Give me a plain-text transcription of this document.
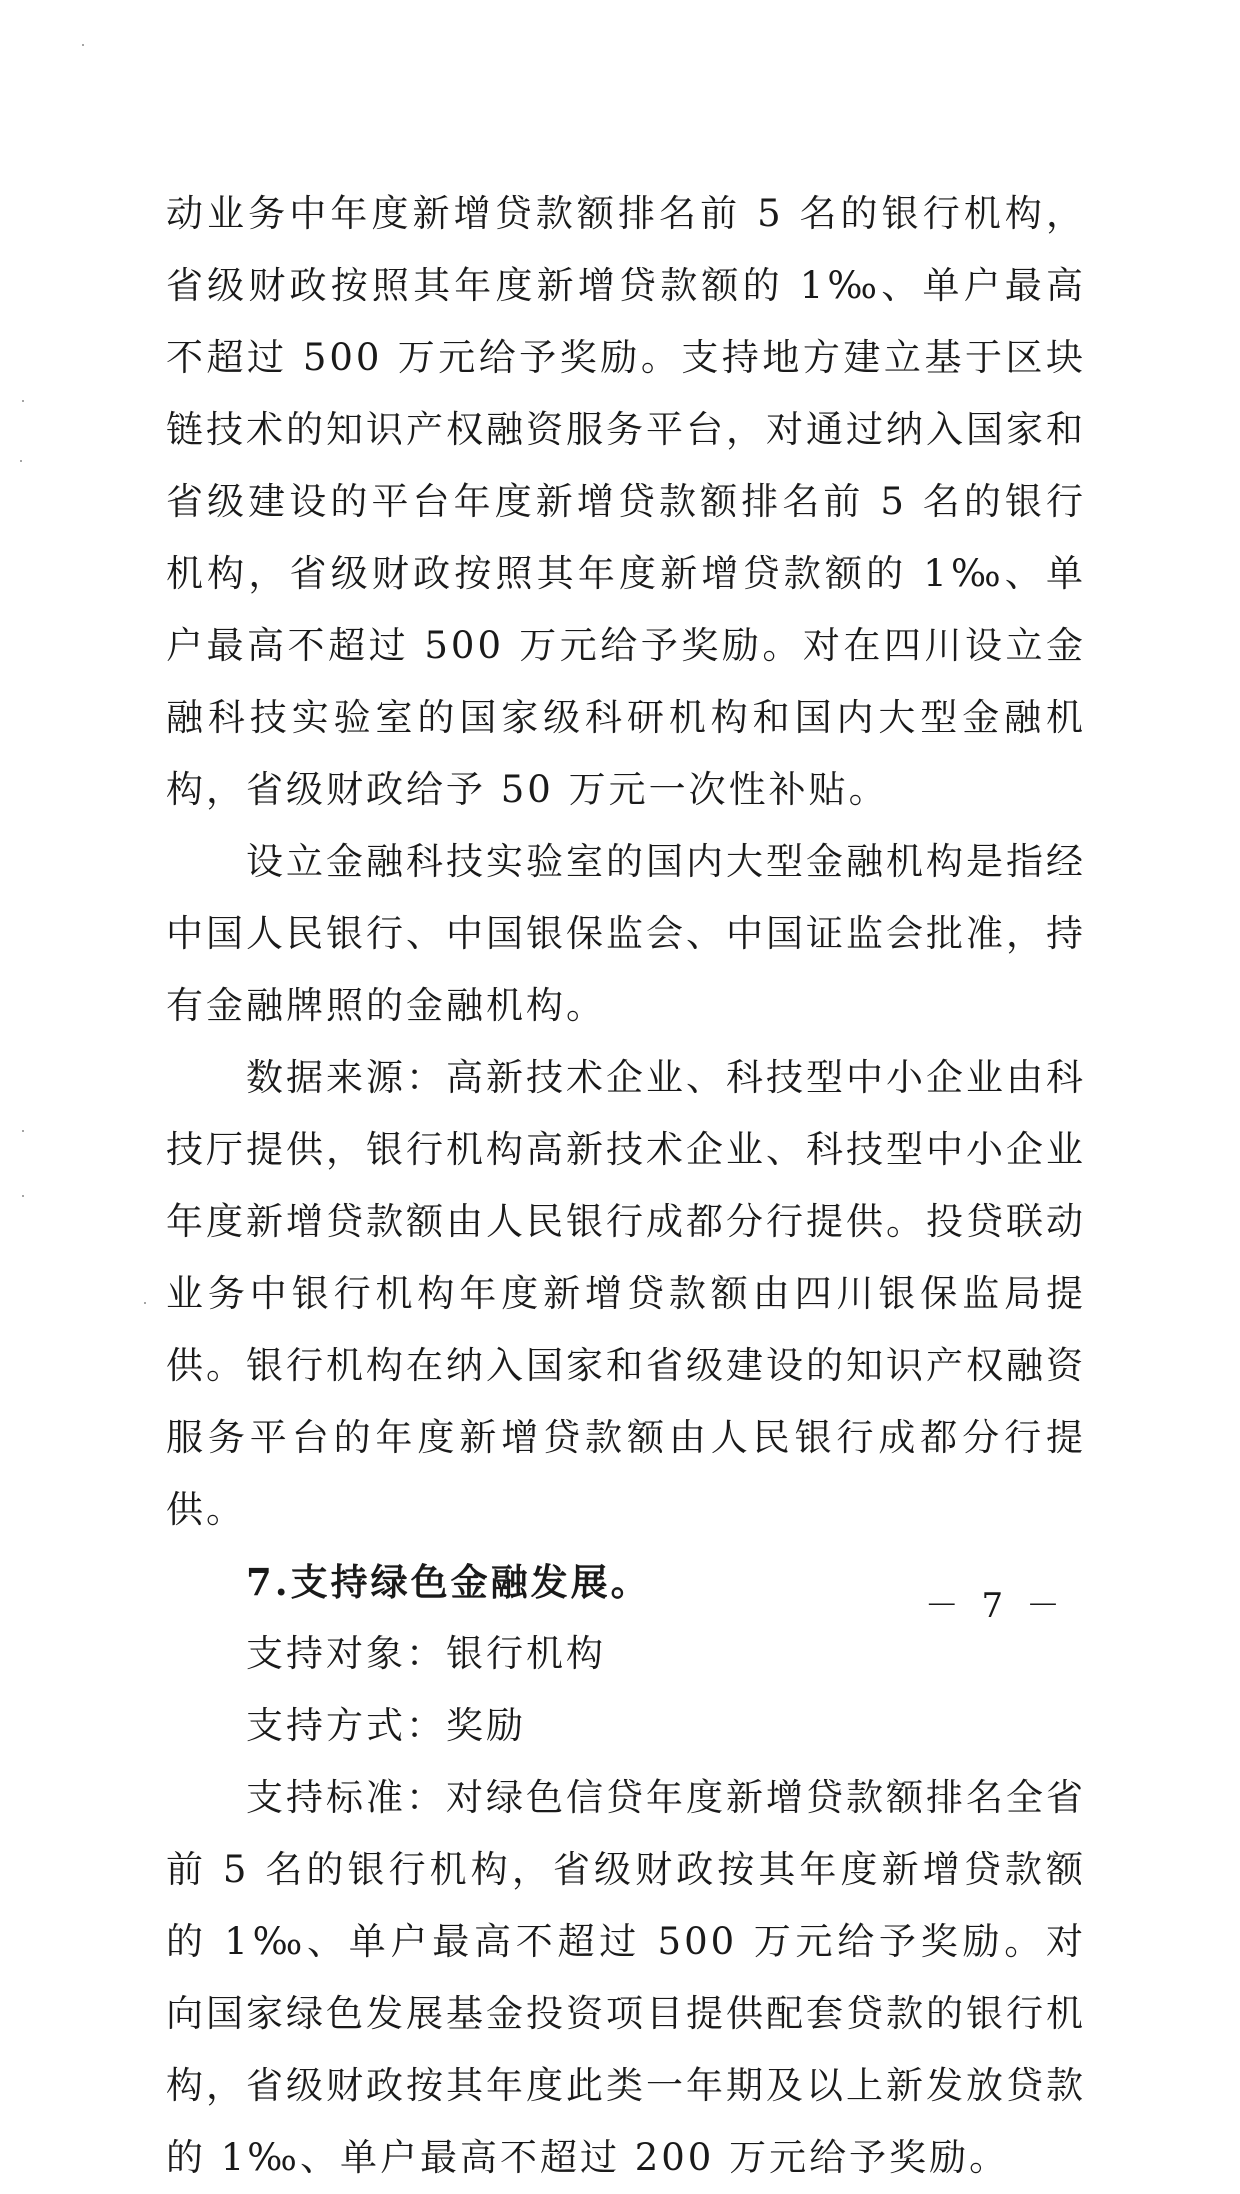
动业务中年度新增贷款额排名前 5 名的银行机构，省级财政按照其年度新增贷款额的 1‰、单户最高不超过 500 万元给予奖励。支持地方建立基于区块链技术的知识产权融资服务平台，对通过纳入国家和省级建设的平台年度新增贷款额排名前 5 名的银行机构，省级财政按照其年度新增贷款额的 1‰、单户最高不超过 500 万元给予奖励。对在四川设立金融科技实验室的国家级科研机构和国内大型金融机构，省级财政给予 50 万元一次性补贴。

设立金融科技实验室的国内大型金融机构是指经中国人民银行、中国银保监会、中国证监会批准，持有金融牌照的金融机构。

数据来源：高新技术企业、科技型中小企业由科技厅提供，银行机构高新技术企业、科技型中小企业年度新增贷款额由人民银行成都分行提供。投贷联动业务中银行机构年度新增贷款额由四川银保监局提供。银行机构在纳入国家和省级建设的知识产权融资服务平台的年度新增贷款额由人民银行成都分行提供。

7.支持绿色金融发展。

支持对象：银行机构

支持方式：奖励

支持标准：对绿色信贷年度新增贷款额排名全省前 5 名的银行机构，省级财政按其年度新增贷款额的 1‰、单户最高不超过 500 万元给予奖励。对向国家绿色发展基金投资项目提供配套贷款的银行机构，省级财政按其年度此类一年期及以上新发放贷款的 1‰、单户最高不超过 200 万元给予奖励。

－ 7 －
